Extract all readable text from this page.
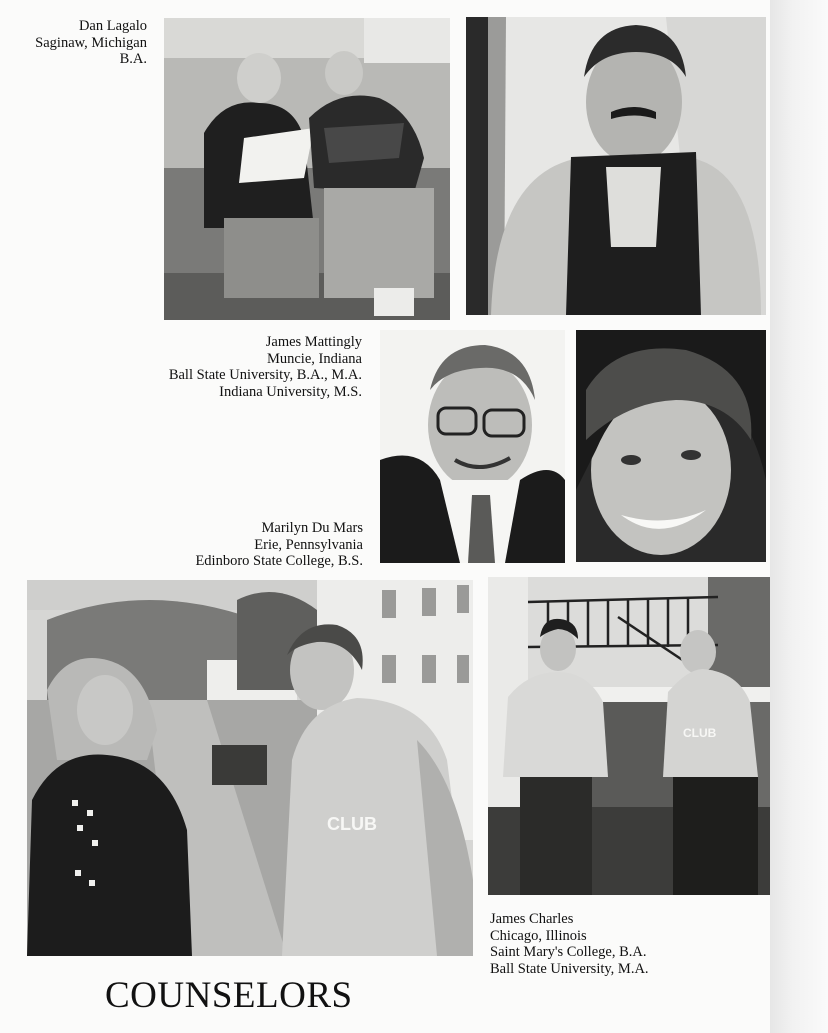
Dan Lagalo
Saginaw, Michigan
B.A.
James Mattingly
Muncie, Indiana
Ball State University, B.A., M.A.
Indiana University, M.S.
Marilyn Du Mars
Erie, Pennsylvania
Edinboro State College, B.S.
CLUB
CLUB
James Charles
Chicago, Illinois
Saint Mary's College, B.A.
Ball State University, M.A.
COUNSELORS
